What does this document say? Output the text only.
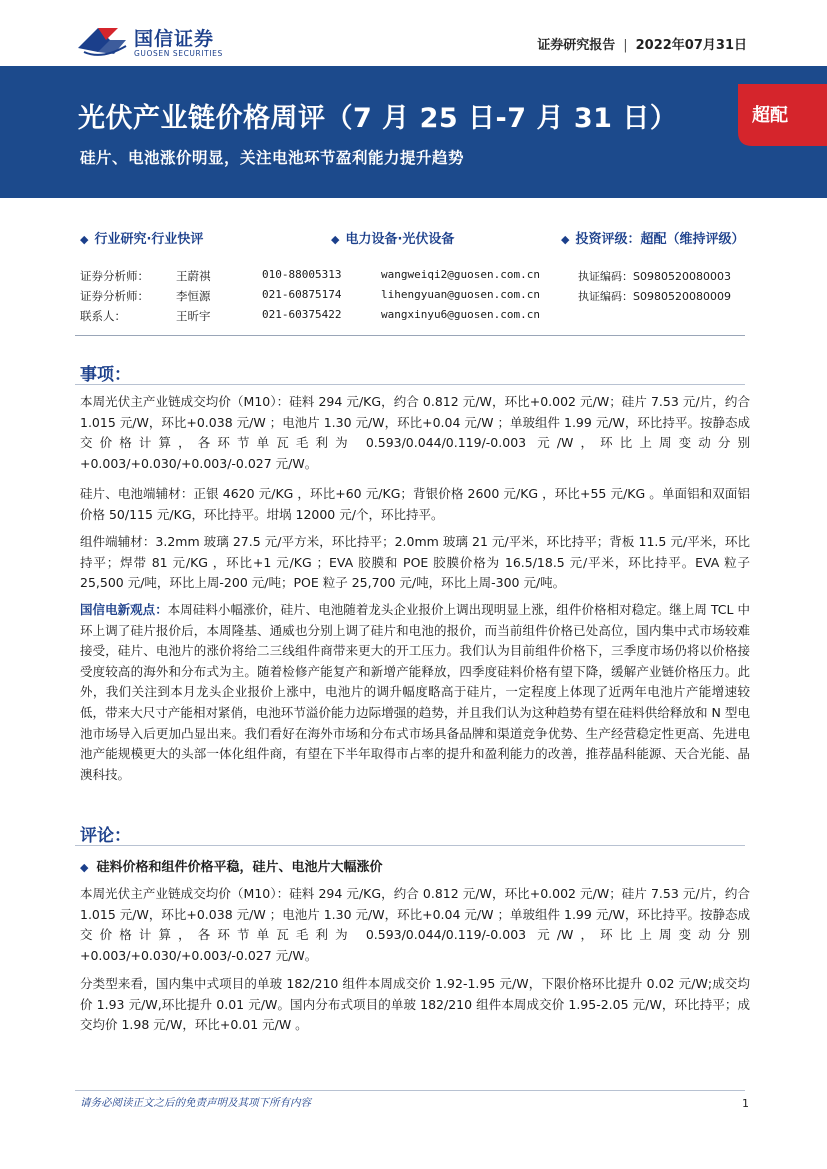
国信证券
GUOSEN SECURITIES
证券研究报告 | 2022年07月31日
光伏产业链价格周评（7 月 25 日-7 月 31 日）
硅片、电池涨价明显，关注电池环节盈利能力提升趋势
超配
◆ 行业研究·行业快评	◆ 电力设备·光伏设备	◆ 投资评级：超配（维持评级）
证券分析师： 王蔚祺	010-88005313	wangweiqi2@guosen.com.cn	执证编码：S0980520080003
证券分析师： 李恒源	021-60875174	lihengyuan@guosen.com.cn	执证编码：S0980520080009
联系人：	王昕宇	021-60375422	wangxinyu6@guosen.com.cn
事项：
本周光伏主产业链成交均价（M10）：硅料 294 元/KG，约合 0.812 元/W，环比+0.002 元/W；硅片 7.53 元/片，约合 1.015 元/W，环比+0.038 元/W ；电池片 1.30 元/W，环比+0.04 元/W ；单玻组件 1.99 元/W，环比持平。按静态成交价格计算，各环节单瓦毛利为 0.593/0.044/0.119/-0.003 元/W，环比上周变动分别+0.003/+0.030/+0.003/-0.027 元/W。
硅片、电池端辅材：正银 4620 元/KG ，环比+60 元/KG；背银价格 2600 元/KG ，环比+55 元/KG 。单面铝和双面铝价格 50/115 元/KG，环比持平。坩埚 12000 元/个，环比持平。
组件端辅材：3.2mm 玻璃 27.5 元/平方米，环比持平；2.0mm 玻璃 21 元/平米，环比持平；背板 11.5 元/平米，环比持平；焊带 81 元/KG ，环比+1 元/KG ；EVA 胶膜和 POE 胶膜价格为 16.5/18.5 元/平米，环比持平。EVA 粒子 25,500 元/吨，环比上周-200 元/吨；POE 粒子 25,700 元/吨，环比上周-300 元/吨。
国信电新观点：本周硅料小幅涨价，硅片、电池随着龙头企业报价上调出现明显上涨，组件价格相对稳定。继上周 TCL 中环上调了硅片报价后，本周隆基、通威也分别上调了硅片和电池的报价，而当前组件价格已处高位，国内集中式市场较难接受，硅片、电池片的涨价将给二三线组件商带来更大的开工压力。我们认为目前组件价格下，三季度市场仍将以价格接受度较高的海外和分布式为主。随着检修产能复产和新增产能释放，四季度硅料价格有望下降，缓解产业链价格压力。此外，我们关注到本月龙头企业报价上涨中，电池片的调升幅度略高于硅片，一定程度上体现了近两年电池片产能增速较低，带来大尺寸产能相对紧俏，电池环节溢价能力边际增强的趋势，并且我们认为这种趋势有望在硅料供给释放和 N 型电池市场导入后更加凸显出来。我们看好在海外市场和分布式市场具备品牌和渠道竞争优势、生产经营稳定性更高、先进电池产能规模更大的头部一体化组件商，有望在下半年取得市占率的提升和盈利能力的改善，推荐晶科能源、天合光能、晶澳科技。
评论：
◆ 硅料价格和组件价格平稳，硅片、电池片大幅涨价
本周光伏主产业链成交均价（M10）：硅料 294 元/KG，约合 0.812 元/W，环比+0.002 元/W；硅片 7.53 元/片，约合 1.015 元/W，环比+0.038 元/W ；电池片 1.30 元/W，环比+0.04 元/W ；单玻组件 1.99 元/W，环比持平。按静态成交价格计算，各环节单瓦毛利为 0.593/0.044/0.119/-0.003 元/W，环比上周变动分别+0.003/+0.030/+0.003/-0.027 元/W。
分类型来看，国内集中式项目的单玻 182/210 组件本周成交价 1.92-1.95 元/W，下限价格环比提升 0.02 元/W;成交均价 1.93 元/W,环比提升 0.01 元/W。国内分布式项目的单玻 182/210 组件本周成交价 1.95-2.05 元/W，环比持平；成交均价 1.98 元/W，环比+0.01 元/W 。
请务必阅读正文之后的免责声明及其项下所有内容	1
